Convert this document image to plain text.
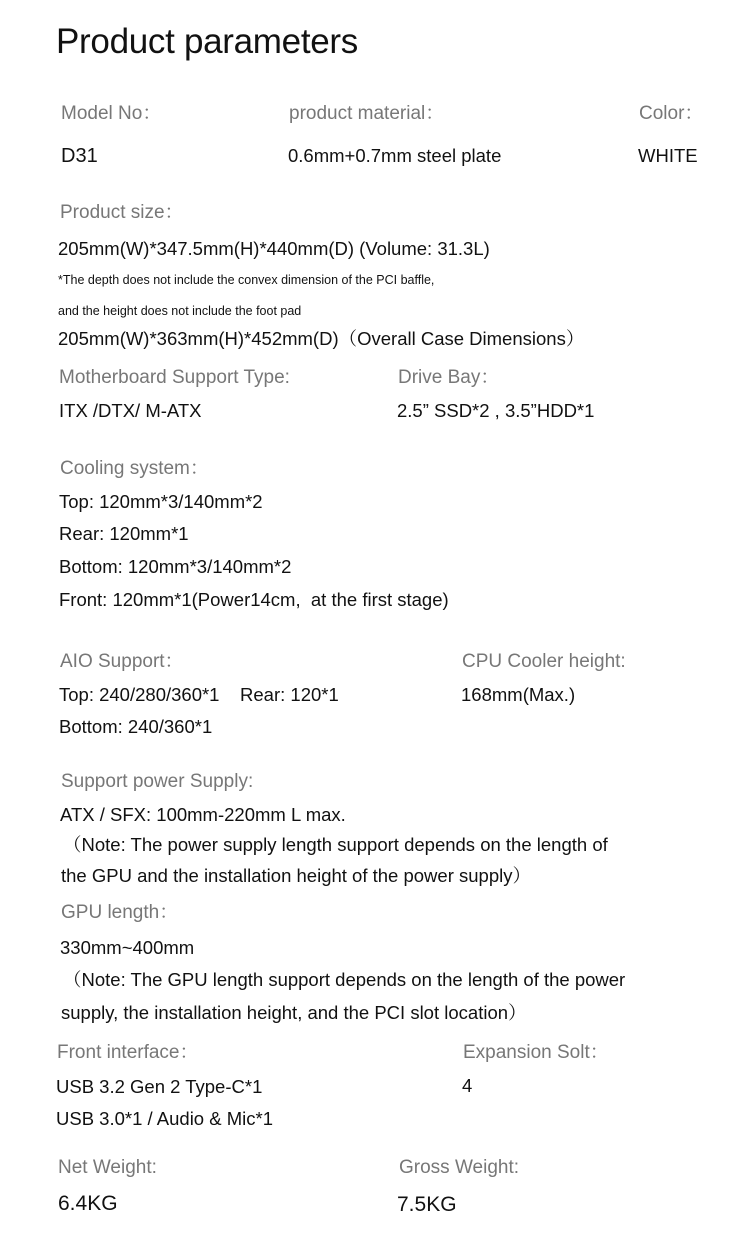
Product parameters
Model No：
D31
product material：
0.6mm+0.7mm steel plate
Color：
WHITE
Product size：
205mm(W)*347.5mm(H)*440mm(D) (Volume: 31.3L)
*The depth does not include the convex dimension of the PCI baffle,
and the height does not include the foot pad
205mm(W)*363mm(H)*452mm(D)（Overall Case Dimensions）
Motherboard Support Type:
ITX /DTX/ M-ATX
Drive Bay：
2.5” SSD*2 , 3.5”HDD*1
Cooling system：
Top: 120mm*3/140mm*2
Rear: 120mm*1
Bottom: 120mm*3/140mm*2
Front: 120mm*1(Power14cm,  at the first stage)
AIO Support：
Top: 240/280/360*1    Rear: 120*1
Bottom: 240/360*1
CPU Cooler height:
168mm(Max.)
Support power Supply:
ATX / SFX: 100mm-220mm L max.
（Note: The power supply length support depends on the length of
the GPU and the installation height of the power supply）
GPU length：
330mm~400mm
（Note: The GPU length support depends on the length of the power
supply, the installation height, and the PCI slot location）
Front interface：
USB 3.2 Gen 2 Type-C*1
USB 3.0*1 / Audio & Mic*1
Expansion Solt：
4
Net Weight:
6.4KG
Gross Weight:
7.5KG
